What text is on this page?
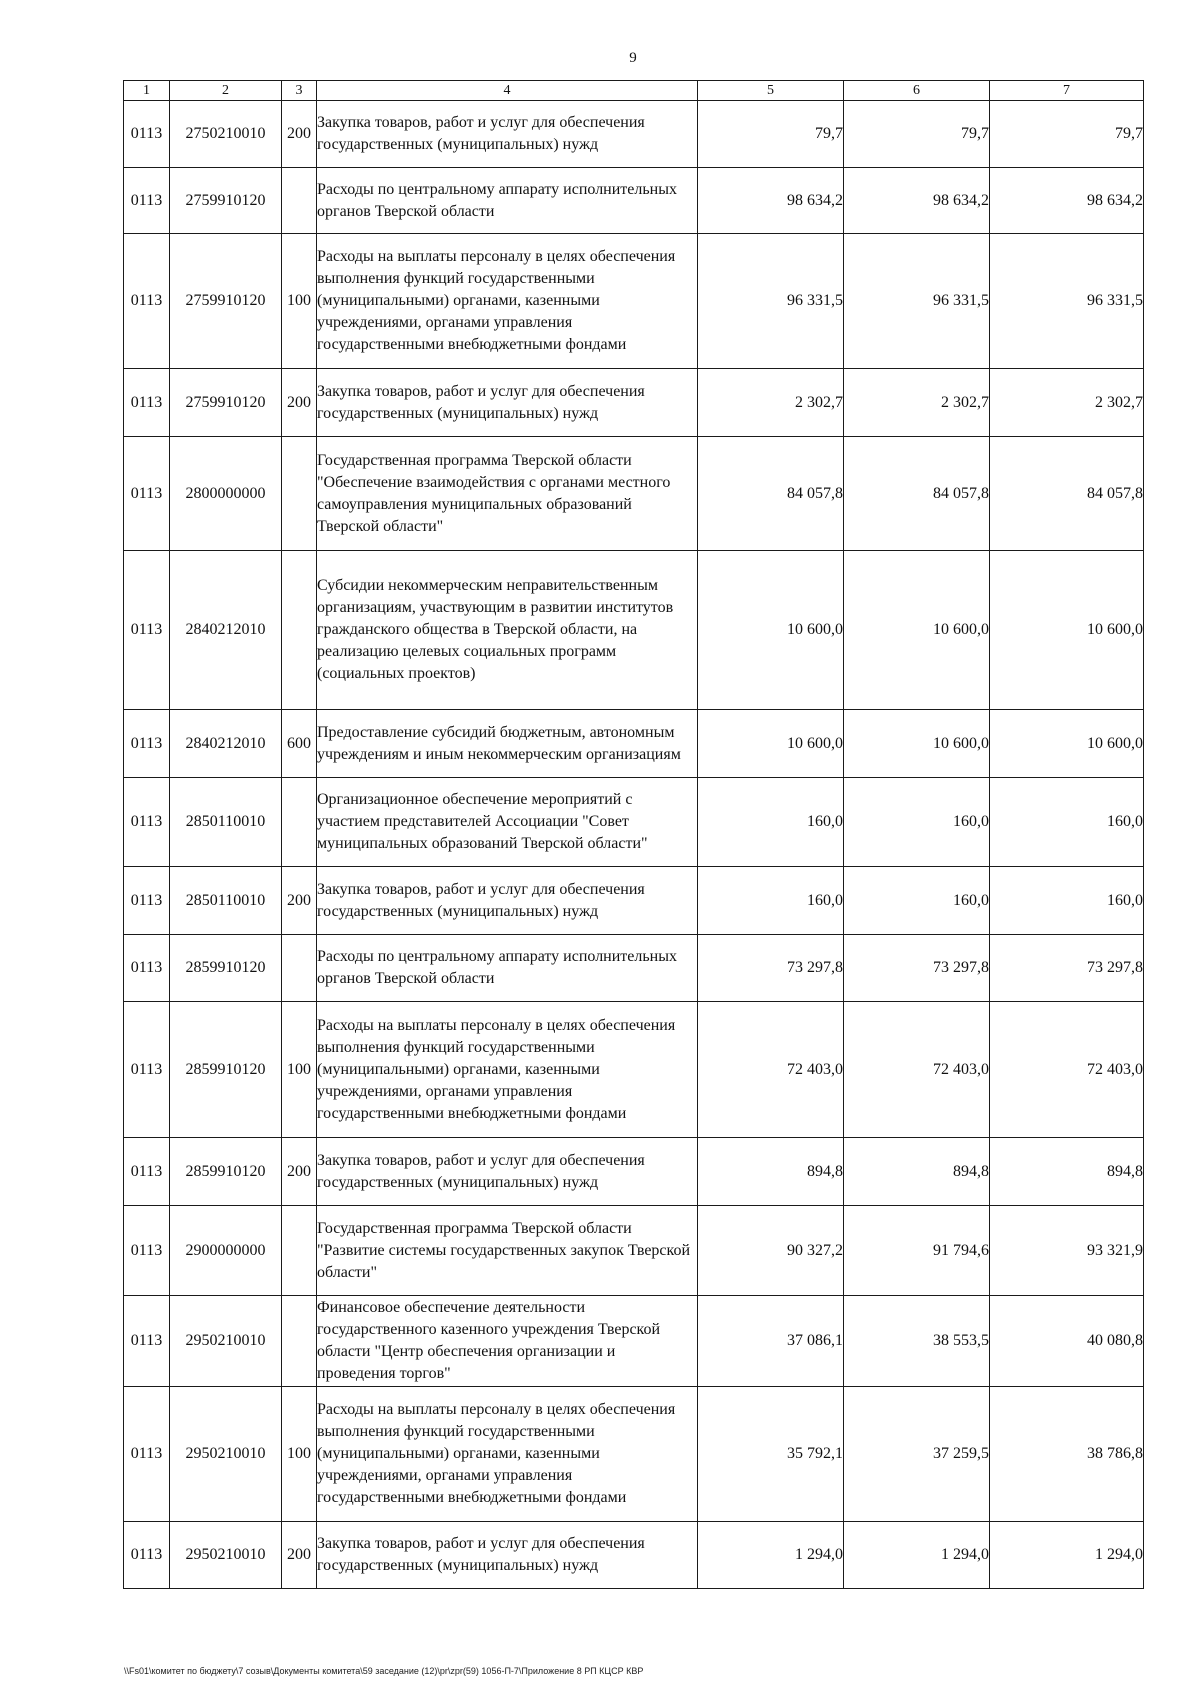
9
1	2	3	4	5	6	7
0113	2750210010	200	Закупка товаров, работ и услуг для обеспечения государственных (муниципальных) нужд	79,7	79,7	79,7
0113	2759910120		Расходы по центральному аппарату исполнительных органов Тверской области	98 634,2	98 634,2	98 634,2
0113	2759910120	100	Расходы на выплаты персоналу в целях обеспечения выполнения функций государственными (муниципальными) органами, казенными учреждениями, органами управления государственными внебюджетными фондами	96 331,5	96 331,5	96 331,5
0113	2759910120	200	Закупка товаров, работ и услуг для обеспечения государственных (муниципальных) нужд	2 302,7	2 302,7	2 302,7
0113	2800000000		Государственная программа Тверской области "Обеспечение взаимодействия с органами местного самоуправления муниципальных образований Тверской области"	84 057,8	84 057,8	84 057,8
0113	2840212010		Субсидии некоммерческим неправительственным организациям, участвующим в развитии институтов гражданского общества в Тверской области, на реализацию целевых социальных программ (социальных проектов)	10 600,0	10 600,0	10 600,0
0113	2840212010	600	Предоставление субсидий бюджетным, автономным учреждениям и иным некоммерческим организациям	10 600,0	10 600,0	10 600,0
0113	2850110010		Организационное обеспечение мероприятий с участием представителей Ассоциации "Совет муниципальных образований Тверской области"	160,0	160,0	160,0
0113	2850110010	200	Закупка товаров, работ и услуг для обеспечения государственных (муниципальных) нужд	160,0	160,0	160,0
0113	2859910120		Расходы по центральному аппарату исполнительных органов Тверской области	73 297,8	73 297,8	73 297,8
0113	2859910120	100	Расходы на выплаты персоналу в целях обеспечения выполнения функций государственными (муниципальными) органами, казенными учреждениями, органами управления государственными внебюджетными фондами	72 403,0	72 403,0	72 403,0
0113	2859910120	200	Закупка товаров, работ и услуг для обеспечения государственных (муниципальных) нужд	894,8	894,8	894,8
0113	2900000000		Государственная программа Тверской области "Развитие системы государственных закупок Тверской области"	90 327,2	91 794,6	93 321,9
0113	2950210010		Финансовое обеспечение деятельности государственного казенного учреждения Тверской области "Центр обеспечения организации и проведения торгов"	37 086,1	38 553,5	40 080,8
0113	2950210010	100	Расходы на выплаты персоналу в целях обеспечения выполнения функций государственными (муниципальными) органами, казенными учреждениями, органами управления государственными внебюджетными фондами	35 792,1	37 259,5	38 786,8
0113	2950210010	200	Закупка товаров, работ и услуг для обеспечения государственных (муниципальных) нужд	1 294,0	1 294,0	1 294,0
\\Fs01\комитет по бюджету\7 созыв\Документы комитета\59 заседание (12)\pr\zpr(59) 1056-П-7\Приложение 8 РП КЦСР КВР
